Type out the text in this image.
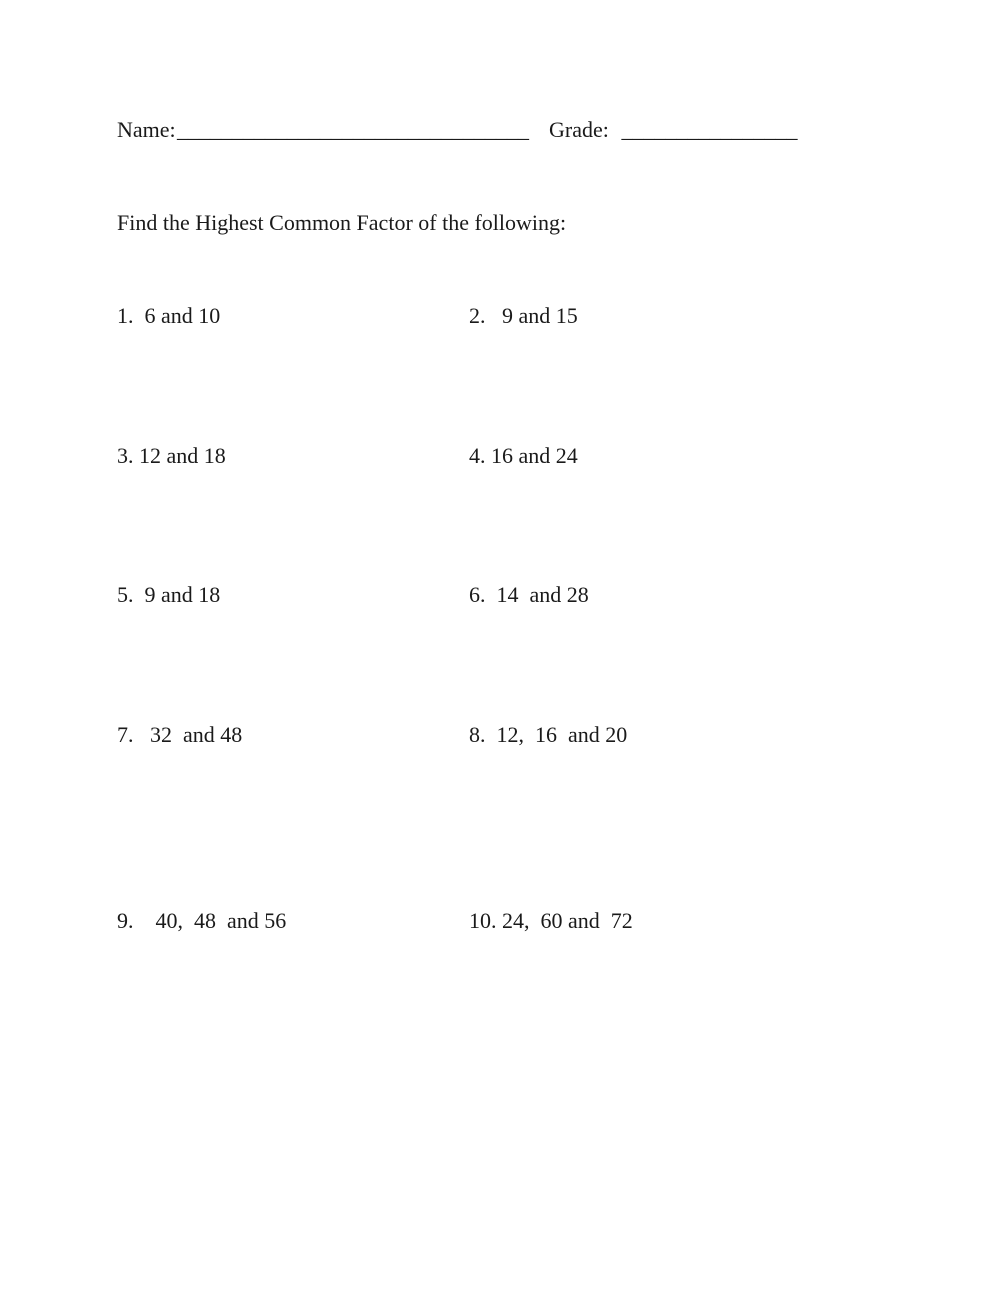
Name: ________________________________ Grade: ________________

Find the Highest Common Factor of the following:

1.  6 and 10	2.   9 and 15
3. 12 and 18	4. 16 and 24
5.  9 and 18	6.  14  and 28
7.   32  and 48	8.  12,  16  and 20
9.    40,  48  and 56	10. 24,  60 and  72
